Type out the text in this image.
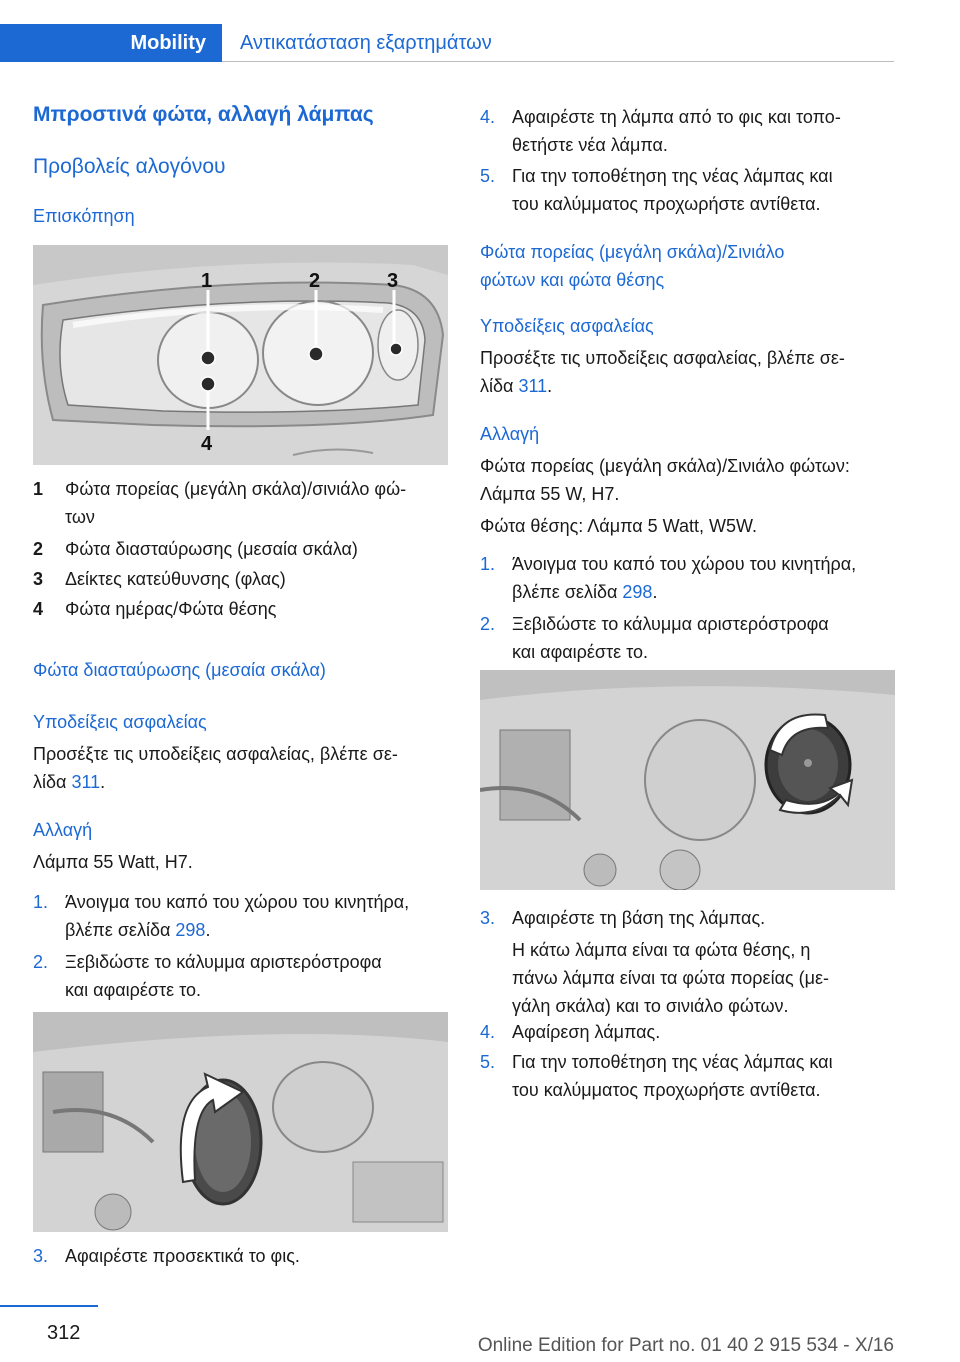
Mobility	Αντικατάσταση εξαρτημάτων
Μπροστινά φώτα, αλλαγή λάμπας
Προβολείς αλογόνου
Επισκόπηση
1	2	3
4
1 Φώτα πορείας (μεγάλη σκάλα)/σινιάλο φώ-
των
2 Φώτα διασταύρωσης (μεσαία σκάλα)
3 Δείκτες κατεύθυνσης (φλας)
4 Φώτα ημέρας/Φώτα θέσης
Φώτα διασταύρωσης (μεσαία σκάλα)
Υποδείξεις ασφαλείας
Προσέξτε τις υποδείξεις ασφαλείας, βλέπε σε-
λίδα 311.
Αλλαγή
Λάμπα 55 Watt, H7.
1. Άνοιγμα του καπό του χώρου του κινητήρα,
βλέπε σελίδα 298.
2. Ξεβιδώστε το κάλυμμα αριστερόστροφα
και αφαιρέστε το.
3. Αφαιρέστε προσεκτικά το φις.
4. Αφαιρέστε τη λάμπα από το φις και τοπο-
θετήστε νέα λάμπα.
5. Για την τοποθέτηση της νέας λάμπας και
του καλύμματος προχωρήστε αντίθετα.
Φώτα πορείας (μεγάλη σκάλα)/Σινιάλο
φώτων και φώτα θέσης
Υποδείξεις ασφαλείας
Προσέξτε τις υποδείξεις ασφαλείας, βλέπε σε-
λίδα 311.
Αλλαγή
Φώτα πορείας (μεγάλη σκάλα)/Σινιάλο φώτων:
Λάμπα 55 W, H7.
Φώτα θέσης: Λάμπα 5 Watt, W5W.
1. Άνοιγμα του καπό του χώρου του κινητήρα,
βλέπε σελίδα 298.
2. Ξεβιδώστε το κάλυμμα αριστερόστροφα
και αφαιρέστε το.
3. Αφαιρέστε τη βάση της λάμπας.
Η κάτω λάμπα είναι τα φώτα θέσης, η
πάνω λάμπα είναι τα φώτα πορείας (με-
γάλη σκάλα) και το σινιάλο φώτων.
4. Αφαίρεση λάμπας.
5. Για την τοποθέτηση της νέας λάμπας και
του καλύμματος προχωρήστε αντίθετα.
312
Online Edition for Part no. 01 40 2 915 534 - X/16
